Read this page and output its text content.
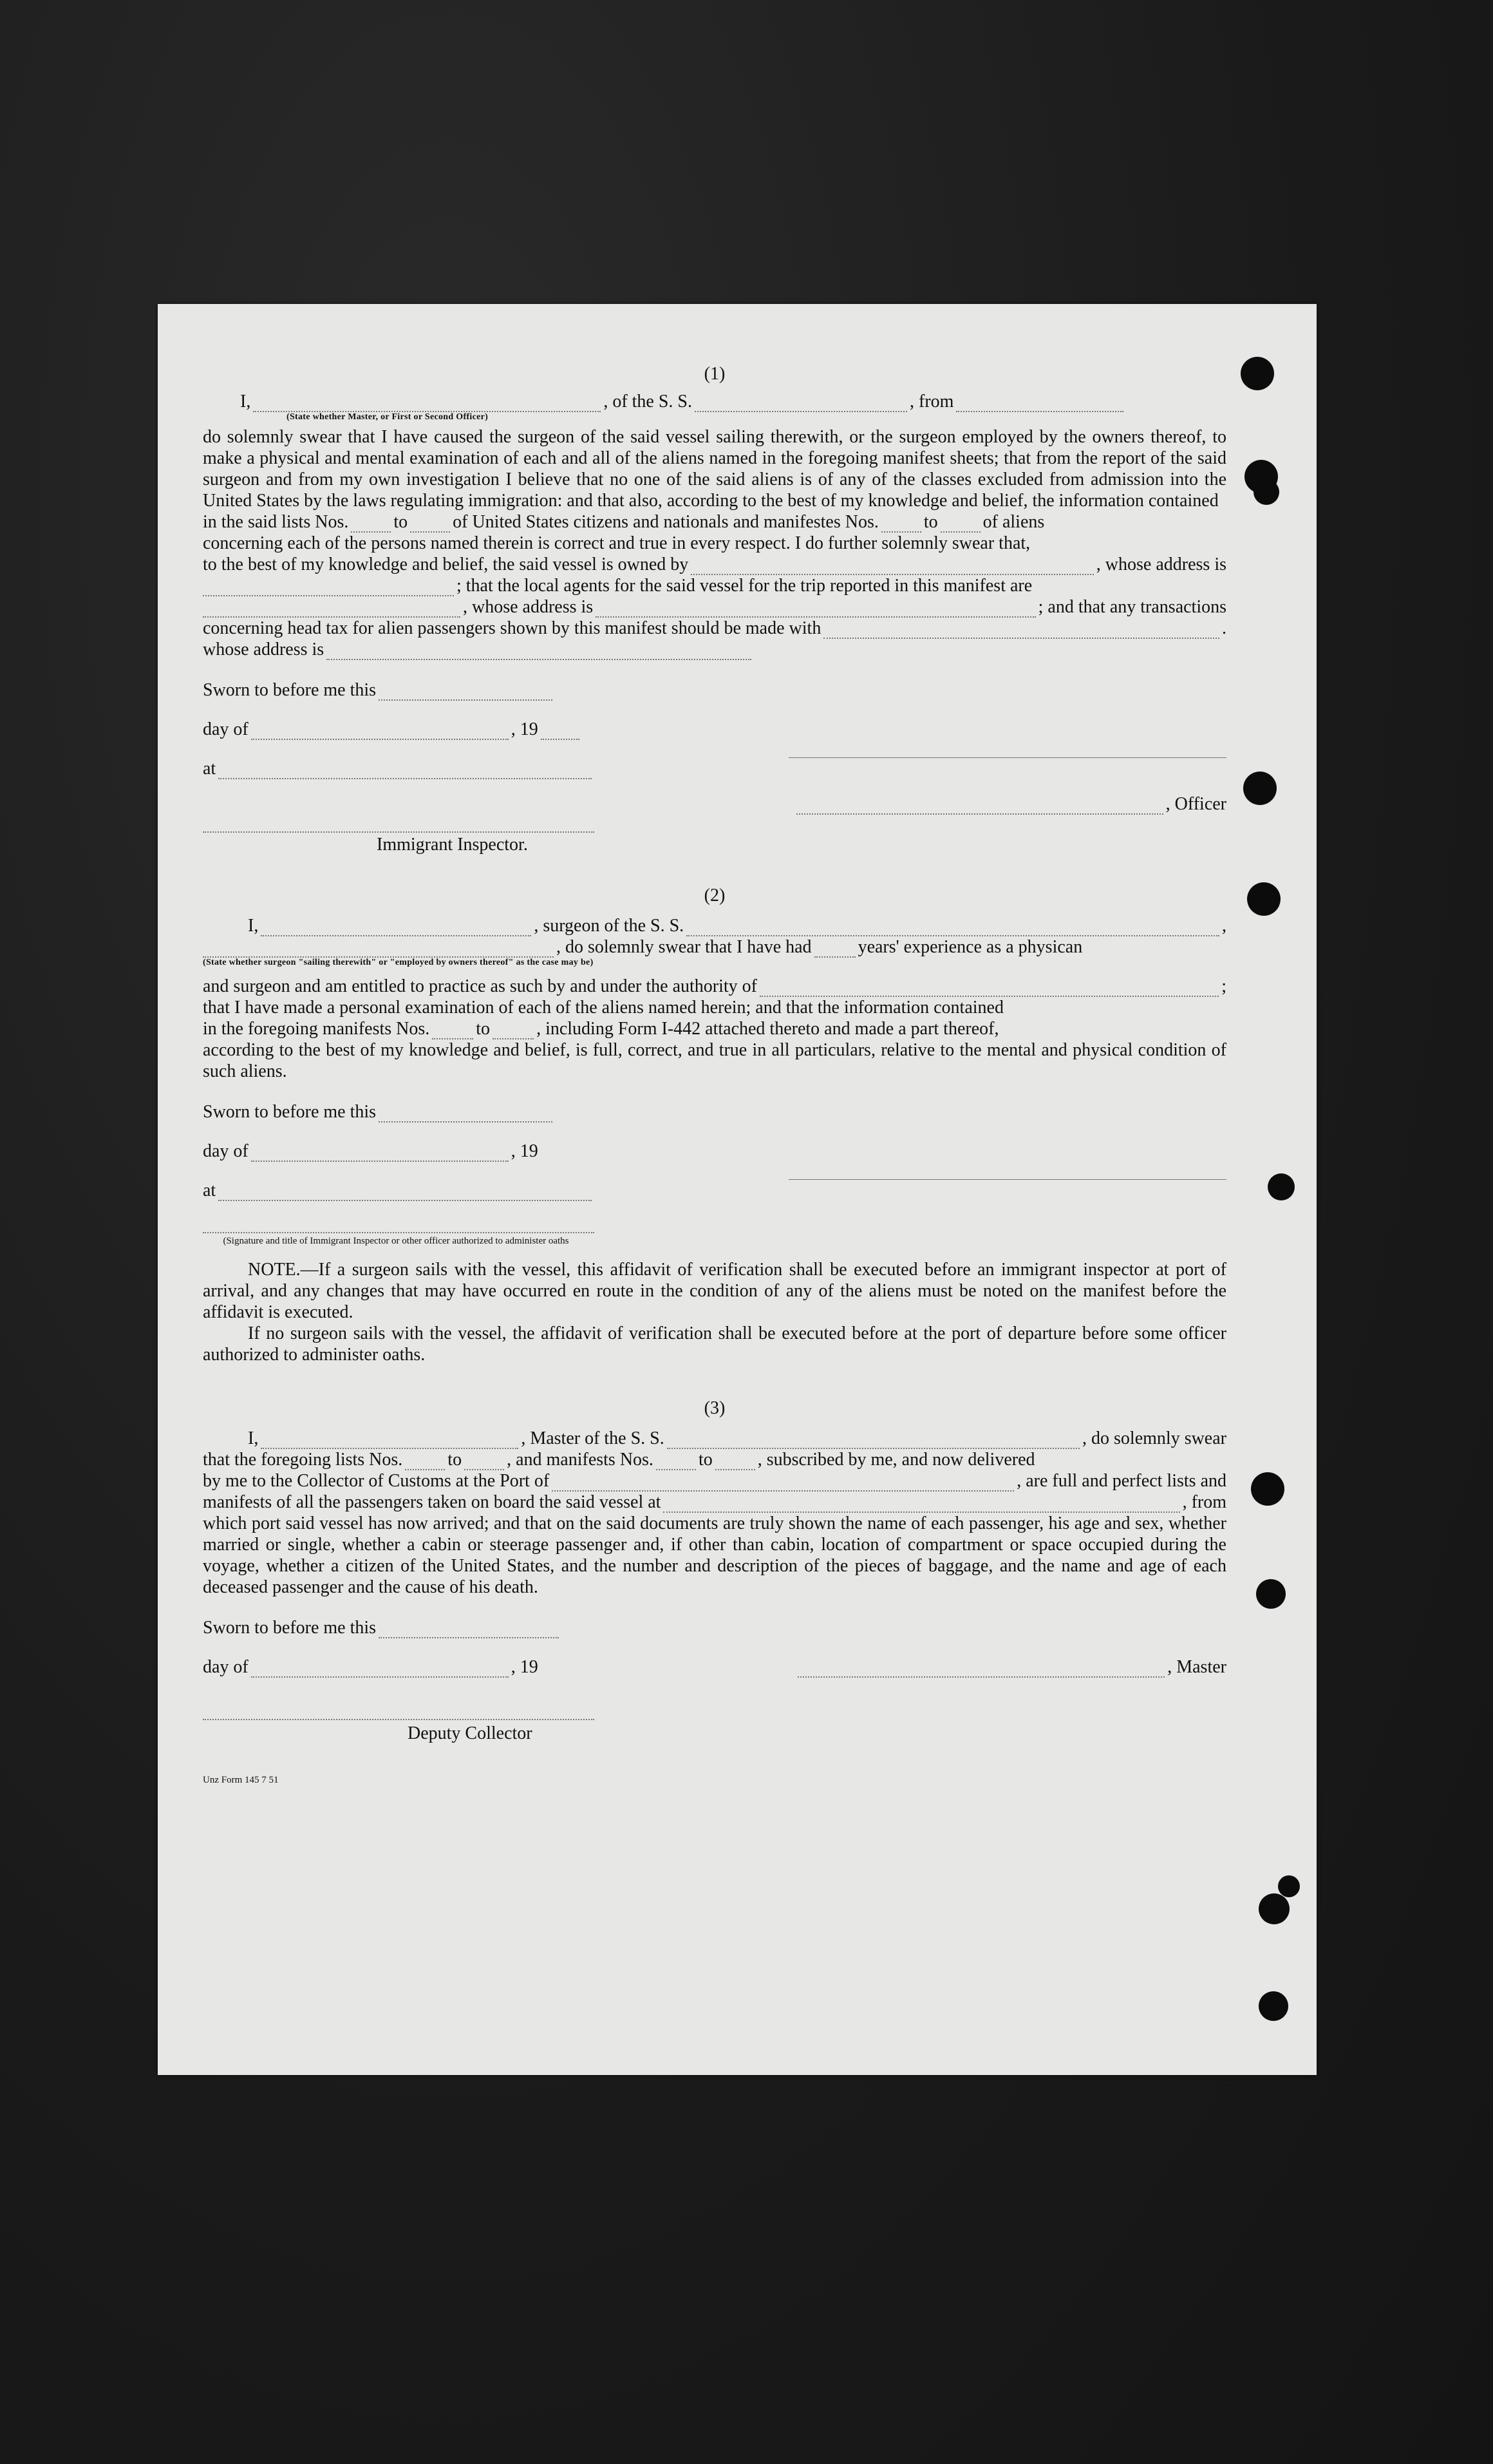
(1)
I,	, of the S. S.	, from
(State whether Master, or First or Second Officer)
do solemnly swear that I have caused the surgeon of the said vessel sailing therewith, or the surgeon employed by the owners thereof, to make a physical and mental examination of each and all of the aliens named in the foregoing manifest sheets; that from the report of the said surgeon and from my own investigation I believe that no one of the said aliens is of any of the classes excluded from admission into the United States by the laws regulating immigration: and that also, according to the best of my knowledge and belief, the information contained
in the said lists Nos.	to	of United States citizens and nationals and manifestes Nos.	to	of aliens
concerning each of the persons named therein is correct and true in every respect. I do further solemnly swear that,
to the best of my knowledge and belief, the said vessel is owned by	, whose address is
; that the local agents for the said vessel for the trip reported in this manifest are
, whose address is	; and that any transactions
concerning head tax for alien passengers shown by this manifest should be made with	.
whose address is
Sworn to before me this
day of	, 19
at
, Officer
Immigrant Inspector.
(2)
I,	, surgeon of the S. S.	,
, do solemnly swear that I have had	years' experience as a physican
(State whether surgeon "sailing therewith" or "employed by owners thereof" as the case may be)
and surgeon and am entitled to practice as such by and under the authority of	;
that I have made a personal examination of each of the aliens named herein; and that the information contained
in the foregoing manifests Nos.	to	, including Form I-442 attached thereto and made a part thereof,
according to the best of my knowledge and belief, is full, correct, and true in all particulars, relative to the mental and physical condition of such aliens.
Sworn to before me this
day of	, 19
at
(Signature and title of Immigrant Inspector or other officer authorized to administer oaths
NOTE.—If a surgeon sails with the vessel, this affidavit of verification shall be executed before an immigrant inspector at port of arrival, and any changes that may have occurred en route in the condition of any of the aliens must be noted on the manifest before the affidavit is executed.
If no surgeon sails with the vessel, the affidavit of verification shall be executed before at the port of departure before some officer authorized to administer oaths.
(3)
I,	, Master of the S. S.	, do solemnly swear
that the foregoing lists Nos.	to	, and manifests Nos.	to	, subscribed by me, and now delivered
by me to the Collector of Customs at the Port of	, are full and perfect lists and
manifests of all the passengers taken on board the said vessel at	, from
which port said vessel has now arrived; and that on the said documents are truly shown the name of each passenger, his age and sex, whether married or single, whether a cabin or steerage passenger and, if other than cabin, location of compartment or space occupied during the voyage, whether a citizen of the United States, and the number and description of the pieces of baggage, and the name and age of each deceased passenger and the cause of his death.
Sworn to before me this
day of	, 19	, Master
Deputy Collector
Unz Form 145 7 51
